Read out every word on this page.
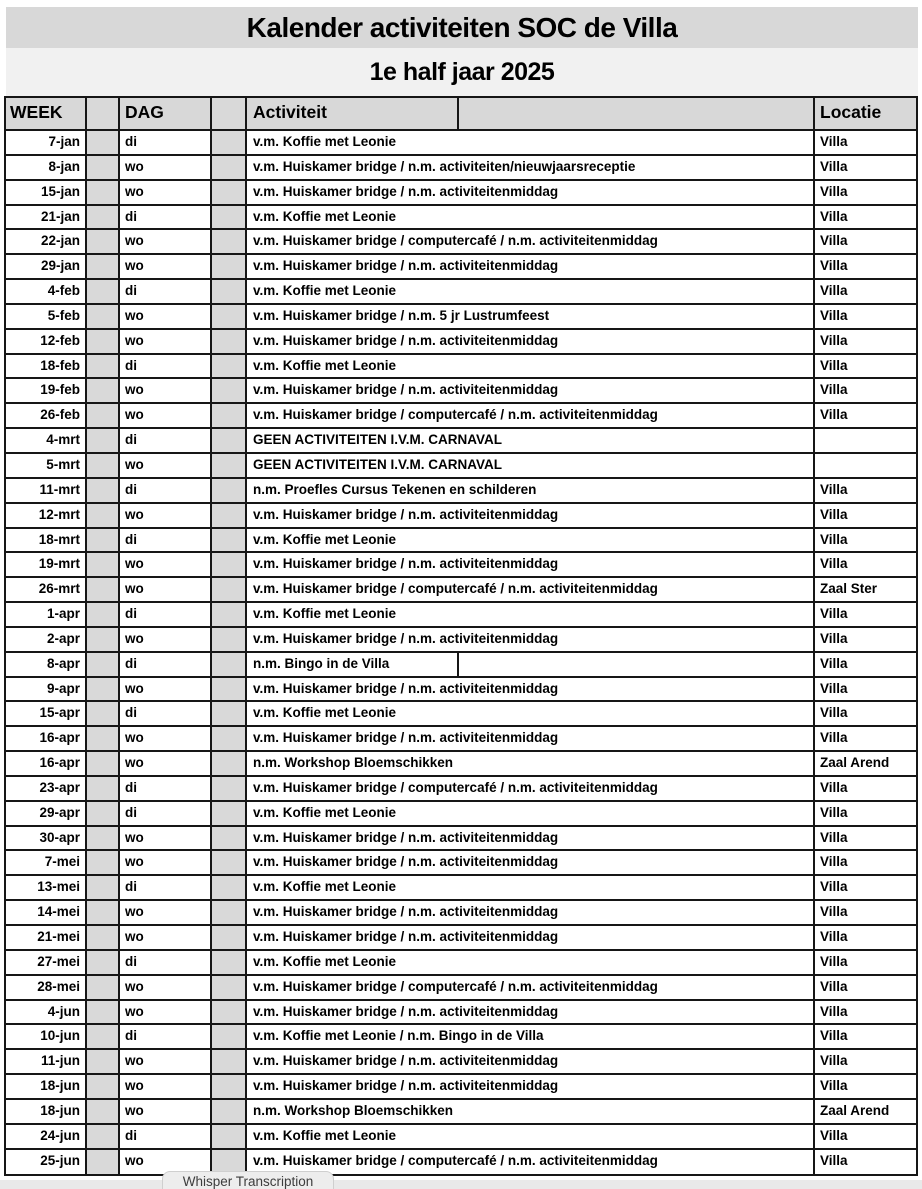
Kalender activiteiten SOC de Villa
1e half jaar 2025
WEEK	DAG	Activiteit	Locatie
7-jan	di	v.m. Koffie met Leonie	Villa
8-jan	wo	v.m. Huiskamer bridge / n.m. activiteiten/nieuwjaarsreceptie	Villa
15-jan	wo	v.m. Huiskamer bridge / n.m. activiteitenmiddag	Villa
21-jan	di	v.m. Koffie met Leonie	Villa
22-jan	wo	v.m. Huiskamer bridge / computercafé / n.m. activiteitenmiddag	Villa
29-jan	wo	v.m. Huiskamer bridge / n.m. activiteitenmiddag	Villa
4-feb	di	v.m. Koffie met Leonie	Villa
5-feb	wo	v.m. Huiskamer bridge / n.m. 5 jr Lustrumfeest	Villa
12-feb	wo	v.m. Huiskamer bridge / n.m. activiteitenmiddag	Villa
18-feb	di	v.m. Koffie met Leonie	Villa
19-feb	wo	v.m. Huiskamer bridge / n.m. activiteitenmiddag	Villa
26-feb	wo	v.m. Huiskamer bridge / computercafé / n.m. activiteitenmiddag	Villa
4-mrt	di	GEEN ACTIVITEITEN I.V.M. CARNAVAL
5-mrt	wo	GEEN ACTIVITEITEN I.V.M. CARNAVAL
11-mrt	di	n.m. Proefles Cursus Tekenen en schilderen	Villa
12-mrt	wo	v.m. Huiskamer bridge / n.m. activiteitenmiddag	Villa
18-mrt	di	v.m. Koffie met Leonie	Villa
19-mrt	wo	v.m. Huiskamer bridge / n.m. activiteitenmiddag	Villa
26-mrt	wo	v.m. Huiskamer bridge / computercafé / n.m. activiteitenmiddag	Zaal Ster
1-apr	di	v.m. Koffie met Leonie	Villa
2-apr	wo	v.m. Huiskamer bridge / n.m. activiteitenmiddag	Villa
8-apr	di	n.m. Bingo in de Villa	Villa
9-apr	wo	v.m. Huiskamer bridge / n.m. activiteitenmiddag	Villa
15-apr	di	v.m. Koffie met Leonie	Villa
16-apr	wo	v.m. Huiskamer bridge / n.m. activiteitenmiddag	Villa
16-apr	wo	n.m. Workshop Bloemschikken	Zaal Arend
23-apr	di	v.m. Huiskamer bridge / computercafé / n.m. activiteitenmiddag	Villa
29-apr	di	v.m. Koffie met Leonie	Villa
30-apr	wo	v.m. Huiskamer bridge / n.m. activiteitenmiddag	Villa
7-mei	wo	v.m. Huiskamer bridge / n.m. activiteitenmiddag	Villa
13-mei	di	v.m. Koffie met Leonie	Villa
14-mei	wo	v.m. Huiskamer bridge / n.m. activiteitenmiddag	Villa
21-mei	wo	v.m. Huiskamer bridge / n.m. activiteitenmiddag	Villa
27-mei	di	v.m. Koffie met Leonie	Villa
28-mei	wo	v.m. Huiskamer bridge / computercafé / n.m. activiteitenmiddag	Villa
4-jun	wo	v.m. Huiskamer bridge / n.m. activiteitenmiddag	Villa
10-jun	di	v.m. Koffie met Leonie / n.m. Bingo in de Villa	Villa
11-jun	wo	v.m. Huiskamer bridge / n.m. activiteitenmiddag	Villa
18-jun	wo	v.m. Huiskamer bridge / n.m. activiteitenmiddag	Villa
18-jun	wo	n.m. Workshop Bloemschikken	Zaal Arend
24-jun	di	v.m. Koffie met Leonie	Villa
25-jun	wo	v.m. Huiskamer bridge / computercafé / n.m. activiteitenmiddag	Villa
Whisper Transcription
